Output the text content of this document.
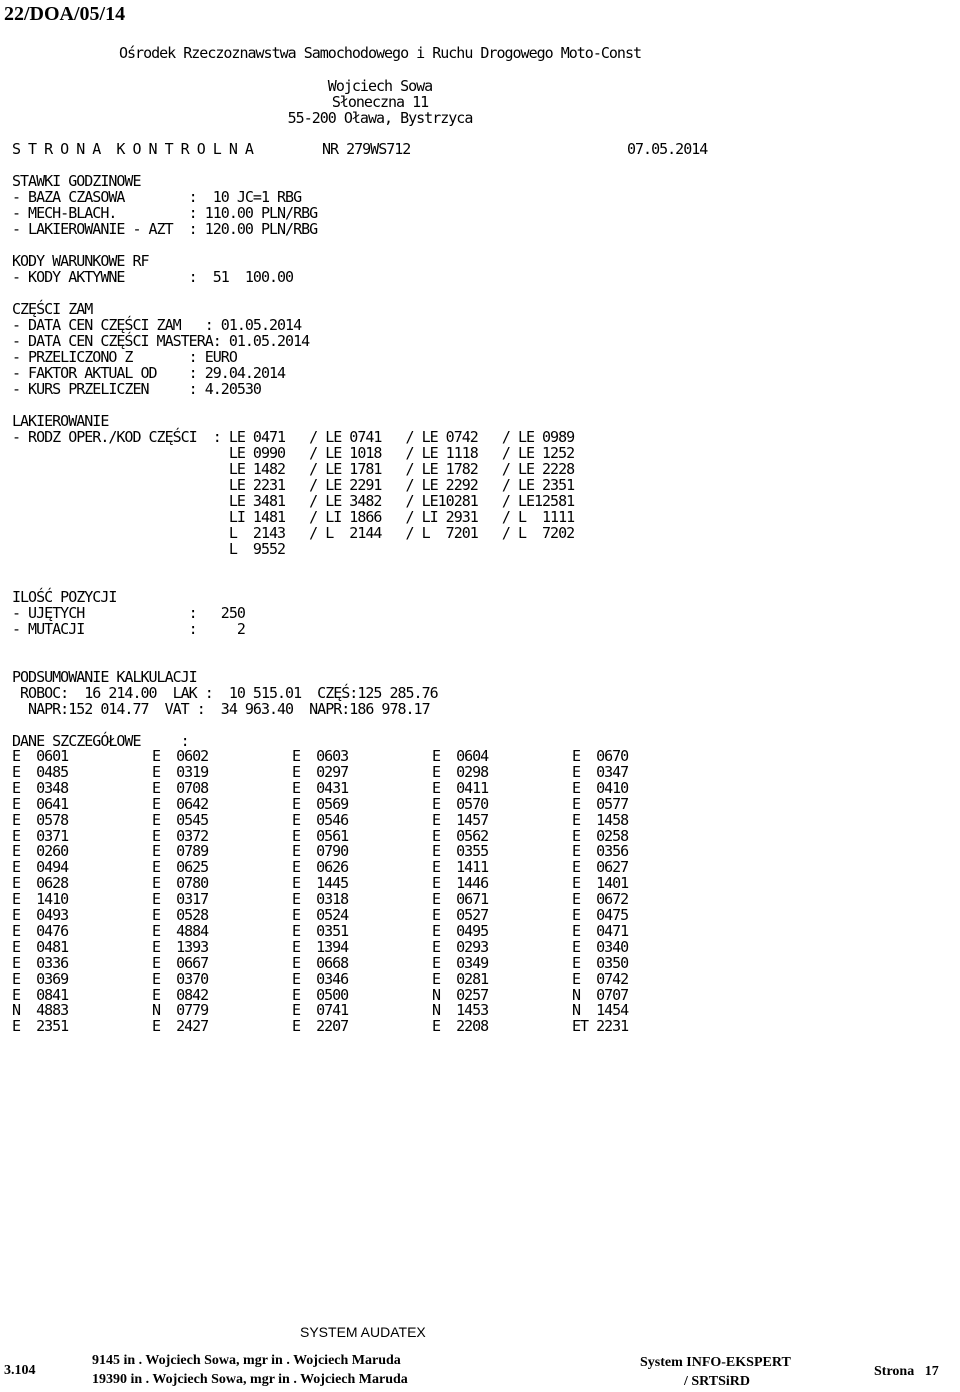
22/DOA/05/14
Ośrodek Rzeczoznawstwa Samochodowego i Ruchu Drogowego Moto-Const
Wojciech Sowa
Słoneczna 11
55-200 Oława, Bystrzyca
S T R O N A  K O N T R O L N A	NR 279WS712	07.05.2014
STAWKI GODZINOWE
- BAZA CZASOWA        :  10 JC=1 RBG
- MECH-BLACH.         : 110.00 PLN/RBG
- LAKIEROWANIE - AZT  : 120.00 PLN/RBG
KODY WARUNKOWE RF
- KODY AKTYWNE        :  51  100.00
CZĘŚCI ZAM
- DATA CEN CZĘŚCI ZAM   : 01.05.2014
- DATA CEN CZĘŚCI MASTERA: 01.05.2014
- PRZELICZONO Z       : EURO
- FAKTOR AKTUAL OD    : 29.04.2014
- KURS PRZELICZEN     : 4.20530
LAKIEROWANIE
- RODZ OPER./KOD CZĘŚCI  : LE 0471   / LE 0741   / LE 0742   / LE 0989
LE 0990   / LE 1018   / LE 1118   / LE 1252
LE 1482   / LE 1781   / LE 1782   / LE 2228
LE 2231   / LE 2291   / LE 2292   / LE 2351
LE 3481   / LE 3482   / LE10281   / LE12581
LI 1481   / LI 1866   / LI 2931   / L  1111
L  2143   / L  2144   / L  7201   / L  7202
L  9552
ILOŚĆ POZYCJI
- UJĘTYCH             :   250
- MUTACJI             :     2
PODSUMOWANIE KALKULACJI
ROBOC:  16 214.00  LAK :  10 515.01  CZĘŚ:125 285.76
NAPR:152 014.77  VAT :  34 963.40  NAPR:186 978.17
DANE SZCZEGÓŁOWE     :
E  0601	E  0602	E  0603	E  0604	E  0670
E  0485	E  0319	E  0297	E  0298	E  0347
E  0348	E  0708	E  0431	E  0411	E  0410
E  0641	E  0642	E  0569	E  0570	E  0577
E  0578	E  0545	E  0546	E  1457	E  1458
E  0371	E  0372	E  0561	E  0562	E  0258
E  0260	E  0789	E  0790	E  0355	E  0356
E  0494	E  0625	E  0626	E  1411	E  0627
E  0628	E  0780	E  1445	E  1446	E  1401
E  1410	E  0317	E  0318	E  0671	E  0672
E  0493	E  0528	E  0524	E  0527	E  0475
E  0476	E  4884	E  0351	E  0495	E  0471
E  0481	E  1393	E  1394	E  0293	E  0340
E  0336	E  0667	E  0668	E  0349	E  0350
E  0369	E  0370	E  0346	E  0281	E  0742
E  0841	E  0842	E  0500	N  0257	N  0707
N  4883	N  0779	E  0741	N  1453	N  1454
E  2351	E  2427	E  2207	E  2208	ET 2231
SYSTEM AUDATEX
3.104
9145 in . Wojciech Sowa, mgr in . Wojciech Maruda
19390 in . Wojciech Sowa, mgr in . Wojciech Maruda
System INFO-EKSPERT
/ SRTSiRD
Strona   17
